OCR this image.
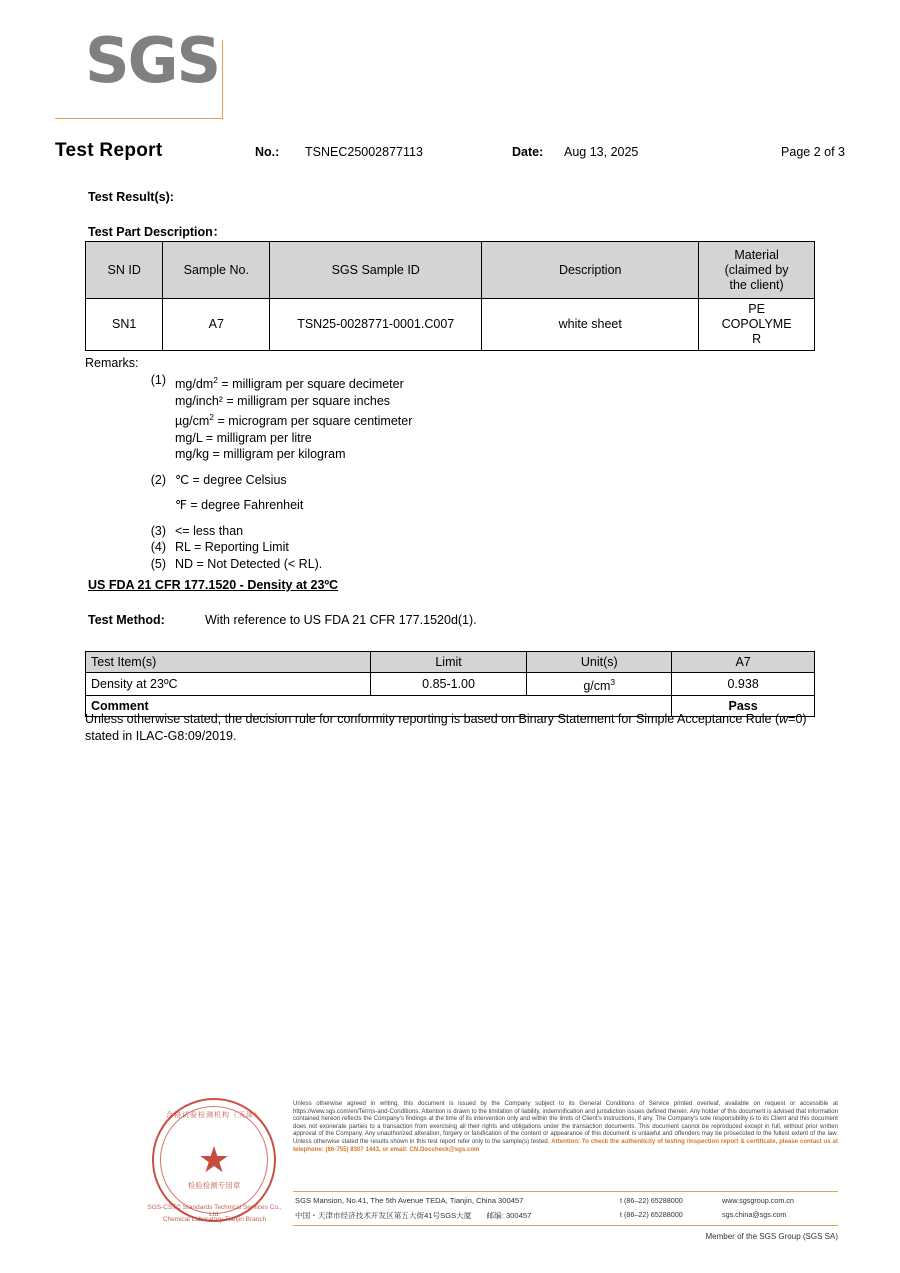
SGS
Test Report	No.: TSNEC25002877113	Date: Aug 13, 2025	Page 2 of 3
Test Result(s):
Test Part Description：
SN ID	Sample No.	SGS Sample ID	Description	Material
(claimed by
the client)
SN1	A7	TSN25-0028771-0001.C007	white sheet	PE
COPOLYME
R
Remarks:
(1) $mg/dm^2$ = milligram per square decimeter
mg/inch² = milligram per square inches
$\mu g/cm^2$ = microgram per square centimeter
mg/L = milligram per litre
mg/kg = milligram per kilogram
(2) ℃ = degree Celsius
℉ = degree Fahrenheit
(3) <= less than
(4) RL = Reporting Limit
(5) ND = Not Detected (< RL).
US FDA 21 CFR 177.1520 - Density at 23ºC
Test Method:	With reference to US FDA 21 CFR 177.1520d(1).
Test Item(s)	Limit	Unit(s)	A7
Density at 23ºC	0.85-1.00	$g/cm^3$	0.938
Comment			Pass
Unless otherwise stated, the decision rule for conformity reporting is based on Binary Statement for Simple Acceptance Rule (w=0) stated in ILAC-G8:09/2019.
合格试验检测机构（天津）
★
检验检测专用章
SGS-CSTC Standards Technical Services Co., Ltd.
Chemical Laboratory-Tianjin Branch
Unless otherwise agreed in writing, this document is issued by the Company subject to its General Conditions of Service printed overleaf, available on request or accessible at https://www.sgs.com/en/Terms-and-Conditions. Attention is drawn to the limitation of liability, indemnification and jurisdiction issues defined therein. Any holder of this document is advised that information contained hereon reflects the Company's findings at the time of its intervention only and within the limits of Client's instructions, if any. The Company's sole responsibility is to its Client and this document does not exonerate parties to a transaction from exercising all their rights and obligations under the transaction documents. This document cannot be reproduced except in full, without prior written approval of the Company. Any unauthorized alteration, forgery or falsification of the content or appearance of this document is unlawful and offenders may be prosecuted to the fullest extent of the law. Unless otherwise stated the results shown in this test report refer only to the sample(s) tested. Attention: To check the authenticity of testing /inspection report & certificate, please contact us at telephone: (86-755) 8307 1443, or email: CN.Doccheck@sgs.com
SGS Mansion, No.41, The 5th Avenue TEDA, Tianjin, China 300457
中国・天津市经济技术开发区第五大街41号SGS大厦　　邮编: 300457
t (86–22) 65288000
t (86–22) 65288000
www.sgsgroup.com.cn
sgs.china@sgs.com
Member of the SGS Group (SGS SA)
